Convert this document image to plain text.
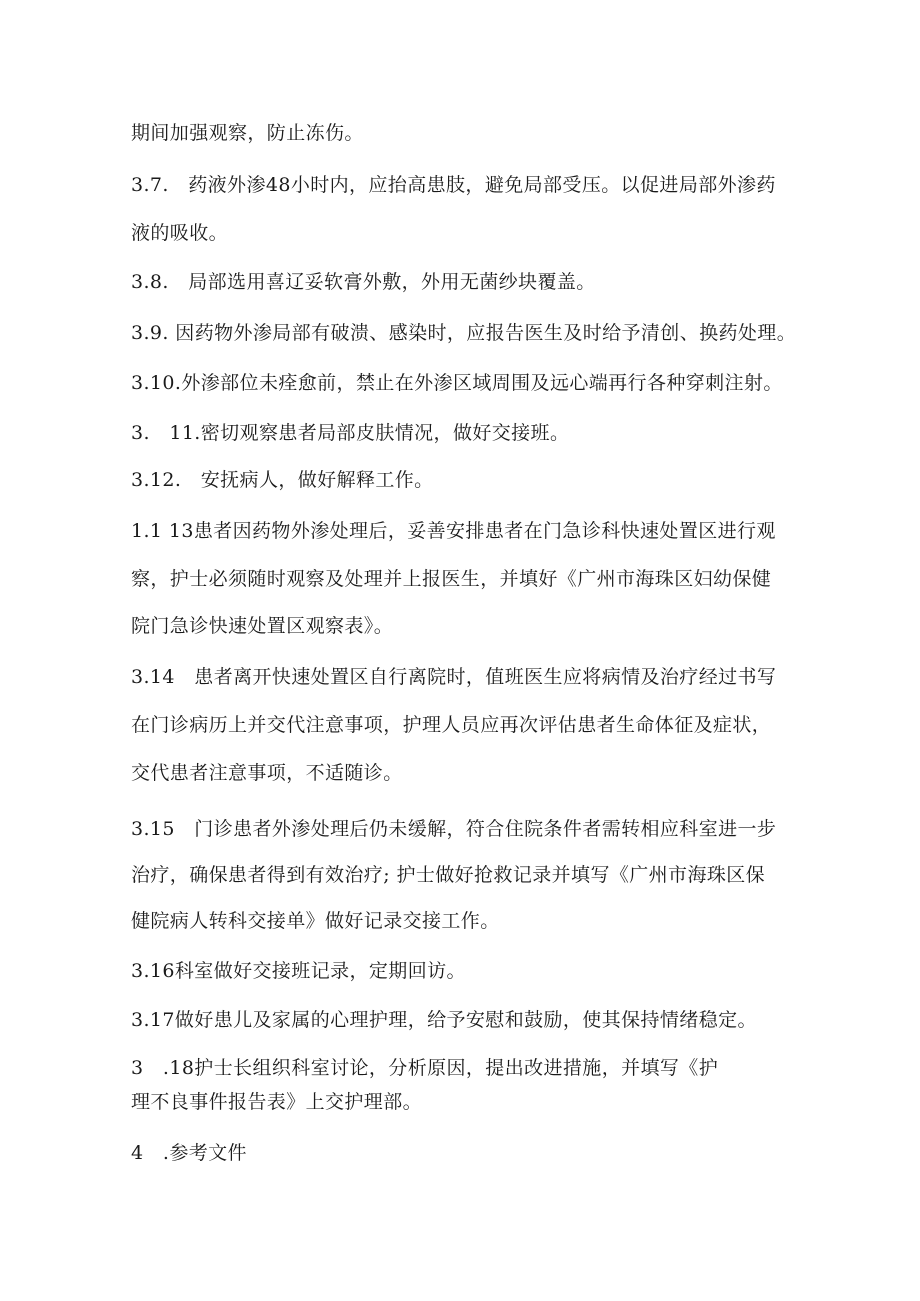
期间加强观察，防止冻伤。
3.7.　药液外渗48小时内，应抬高患肢，避免局部受压。以促进局部外渗药
液的吸收。
3.8.　局部选用喜辽妥软膏外敷，外用无菌纱块覆盖。
3.9. 因药物外渗局部有破溃、感染时，应报告医生及时给予清创、换药处理。
3.10.外渗部位未痊愈前，禁止在外渗区域周围及远心端再行各种穿刺注射。
3.　11.密切观察患者局部皮肤情况，做好交接班。
3.12.　安抚病人，做好解释工作。
1.1 13患者因药物外渗处理后，妥善安排患者在门急诊科快速处置区进行观
察，护士必须随时观察及处理并上报医生，并填好《广州市海珠区妇幼保健
院门急诊快速处置区观察表》。
3.14　患者离开快速处置区自行离院时，值班医生应将病情及治疗经过书写
在门诊病历上并交代注意事项，护理人员应再次评估患者生命体征及症状，
交代患者注意事项，不适随诊。
3.15　门诊患者外渗处理后仍未缓解，符合住院条件者需转相应科室进一步
治疗，确保患者得到有效治疗; 护士做好抢救记录并填写《广州市海珠区保
健院病人转科交接单》做好记录交接工作。
3.16科室做好交接班记录，定期回访。
3.17做好患儿及家属的心理护理，给予安慰和鼓励，使其保持情绪稳定。
3　.18护士长组织科室讨论，分析原因，提出改进措施，并填写《护
理不良事件报告表》上交护理部。
4　.参考文件
